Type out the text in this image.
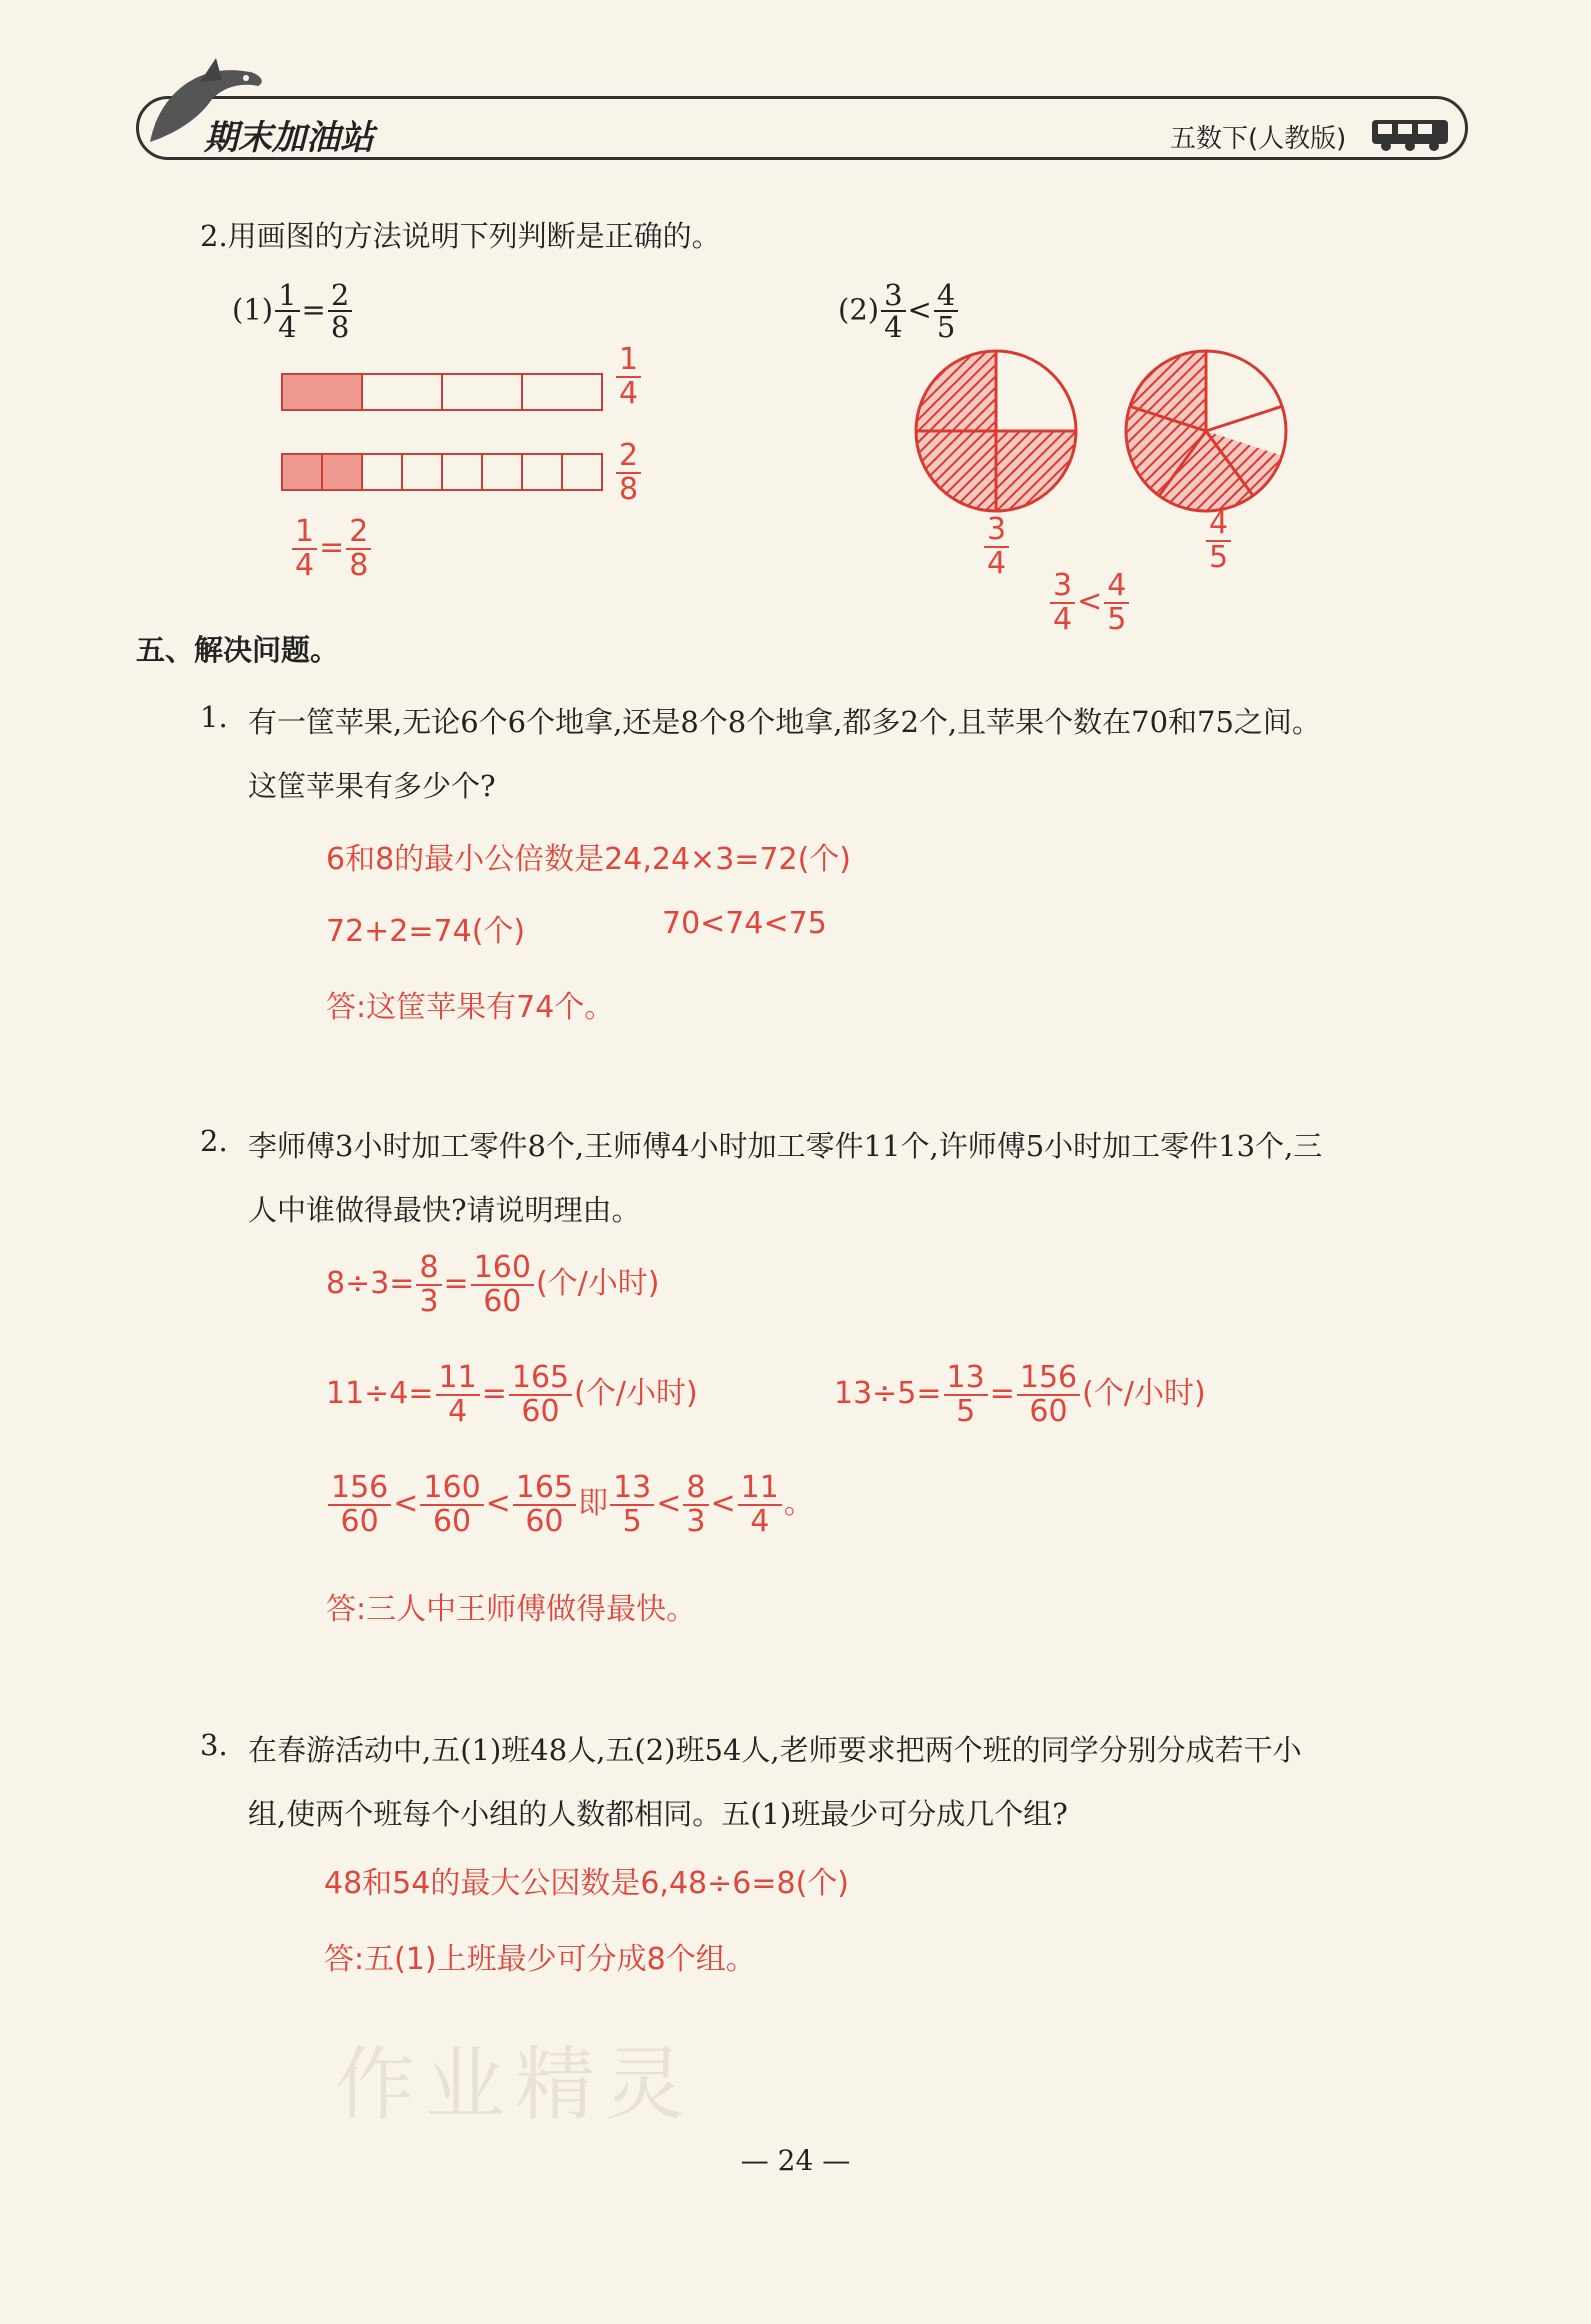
期末加油站	五数下(人教版)
2.用画图的方法说明下列判断是正确的。
$(1) \frac{1}{4} = \frac{2}{8}$
$\frac{1}{4}$
$\frac{2}{8}$
$\frac{1}{4} = \frac{2}{8}$
$(2) \frac{3}{4} < \frac{4}{5}$
$\frac{3}{4}$	$\frac{4}{5}$
$\frac{3}{4} < \frac{4}{5}$
五、解决问题。
1. 有一筐苹果,无论6个6个地拿,还是8个8个地拿,都多2个,且苹果个数在70和75之间。
这筐苹果有多少个?
6和8的最小公倍数是24,24×3=72(个)
72+2=74(个)	70<74<75
答:这筐苹果有74个。
2. 李师傅3小时加工零件8个,王师傅4小时加工零件11个,许师傅5小时加工零件13个,三
人中谁做得最快?请说明理由。
$8\div 3= \frac{8}{3} = \frac{160}{60}$ (个/小时)
$11\div 4= \frac{11}{4} = \frac{165}{60}$ (个/小时)	$13\div 5= \frac{13}{5} = \frac{156}{60}$ (个/小时)
$\frac{156}{60} < \frac{160}{60} < \frac{165}{60}$ 即 $\frac{13}{5} < \frac{8}{3} < \frac{11}{4}$ 。
答:三人中王师傅做得最快。
3. 在春游活动中,五(1)班48人,五(2)班54人,老师要求把两个班的同学分别分成若干小
组,使两个班每个小组的人数都相同。五(1)班最少可分成几个组?
48和54的最大公因数是6,48÷6=8(个)
答:五(1)上班最少可分成8个组。
作业精灵
— 24 —
